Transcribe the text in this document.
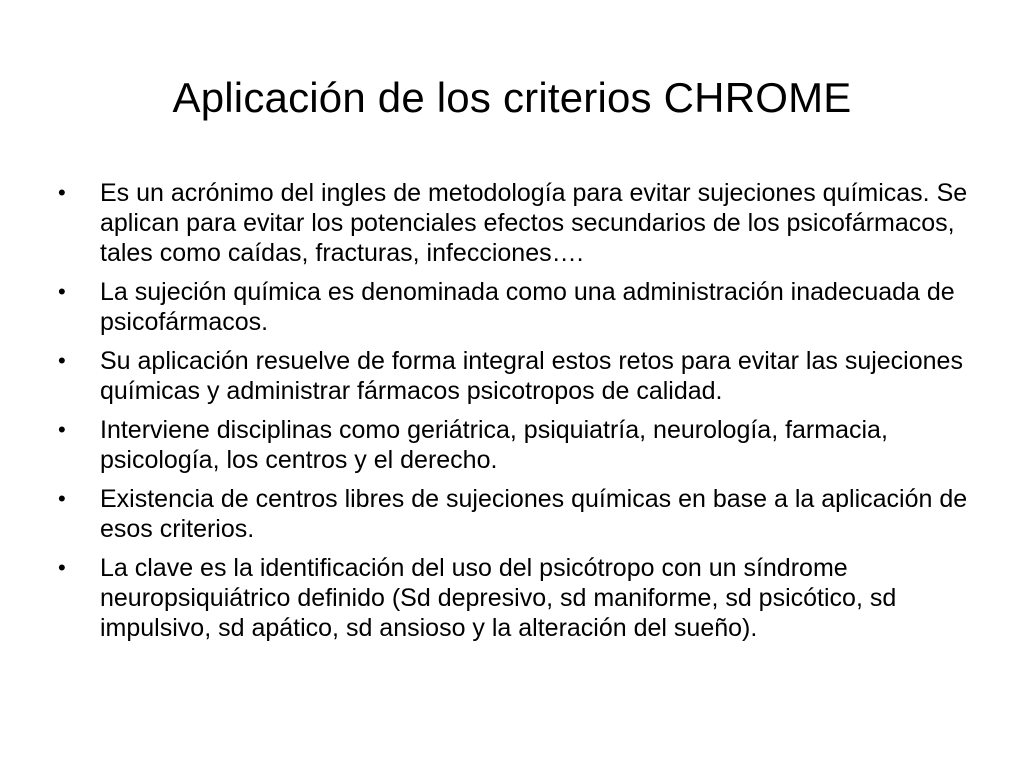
Aplicación de los criterios CHROME
•	Es un acrónimo del ingles de metodología para evitar sujeciones químicas. Se aplican para evitar los potenciales efectos secundarios de los psicofármacos, tales como caídas, fracturas, infecciones….
•	La sujeción química es denominada como una administración inadecuada de psicofármacos.
•	Su aplicación resuelve de forma integral estos retos para evitar las sujeciones químicas y administrar fármacos psicotropos de calidad.
•	Interviene disciplinas como geriátrica, psiquiatría, neurología, farmacia, psicología, los centros y el derecho.
•	Existencia de centros libres de sujeciones químicas en base a la aplicación de esos criterios.
•	La clave es la identificación del uso del psicótropo con un síndrome neuropsiquiátrico definido (Sd depresivo, sd maniforme, sd psicótico, sd impulsivo, sd apático, sd ansioso y la alteración del sueño).
